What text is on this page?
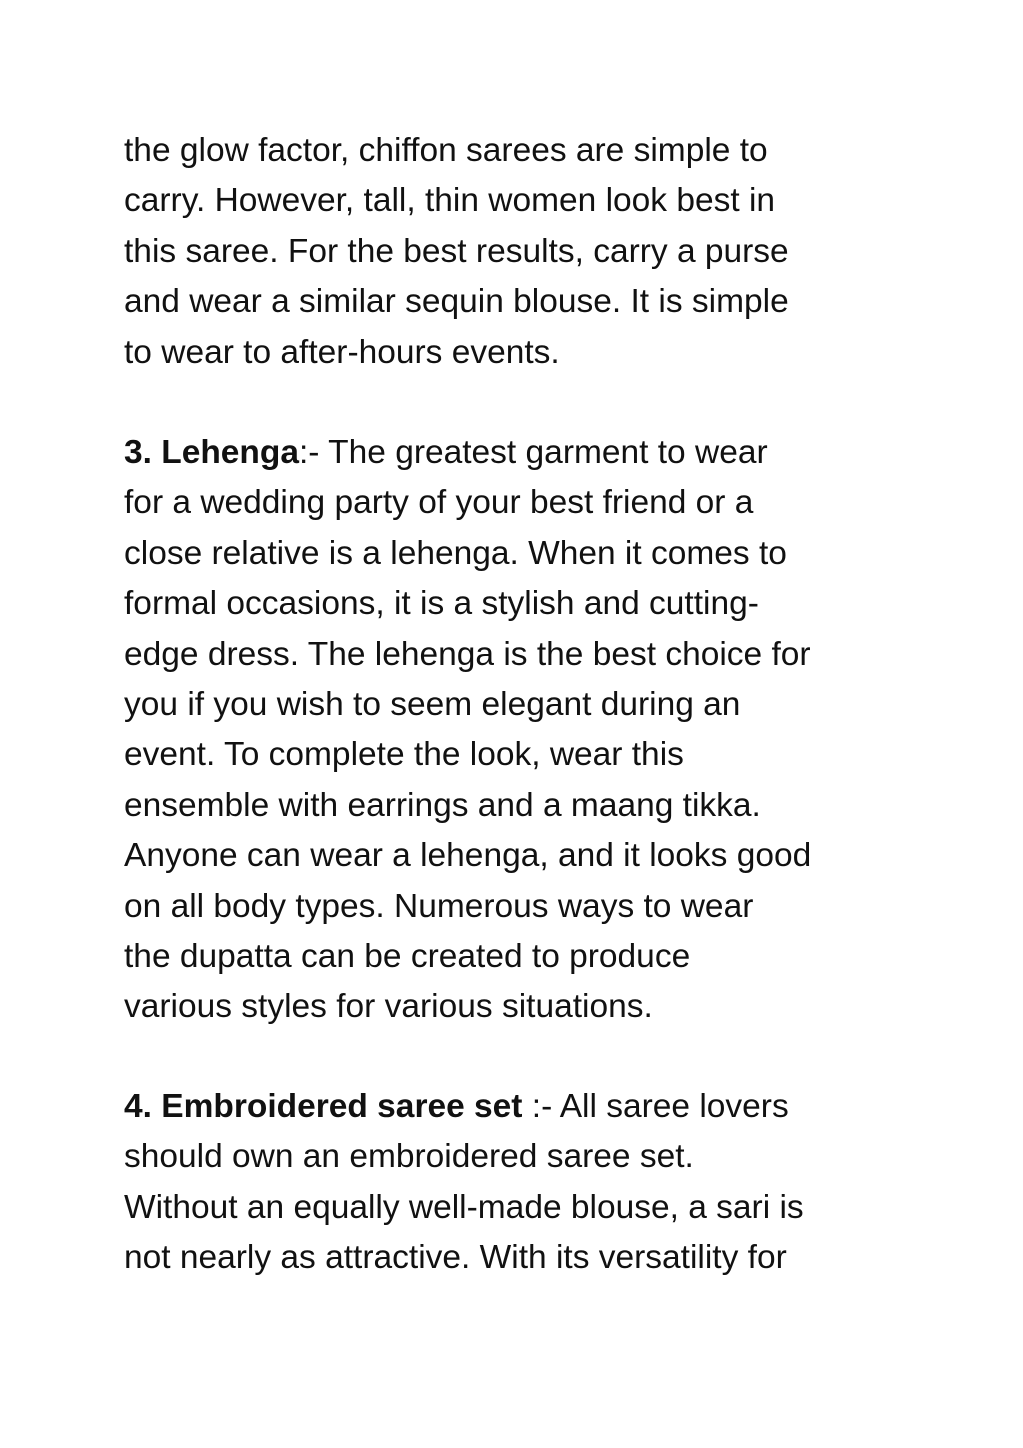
the glow factor, chiffon sarees are simple to
carry. However, tall, thin women look best in
this saree. For the best results, carry a purse
and wear a similar sequin blouse. It is simple
to wear to after-hours events.
3. Lehenga:- The greatest garment to wear
for a wedding party of your best friend or a
close relative is a lehenga. When it comes to
formal occasions, it is a stylish and cutting-
edge dress. The lehenga is the best choice for
you if you wish to seem elegant during an
event. To complete the look, wear this
ensemble with earrings and a maang tikka.
Anyone can wear a lehenga, and it looks good
on all body types. Numerous ways to wear
the dupatta can be created to produce
various styles for various situations.
4. Embroidered saree set :- All saree lovers
should own an embroidered saree set.
Without an equally well-made blouse, a sari is
not nearly as attractive. With its versatility for
